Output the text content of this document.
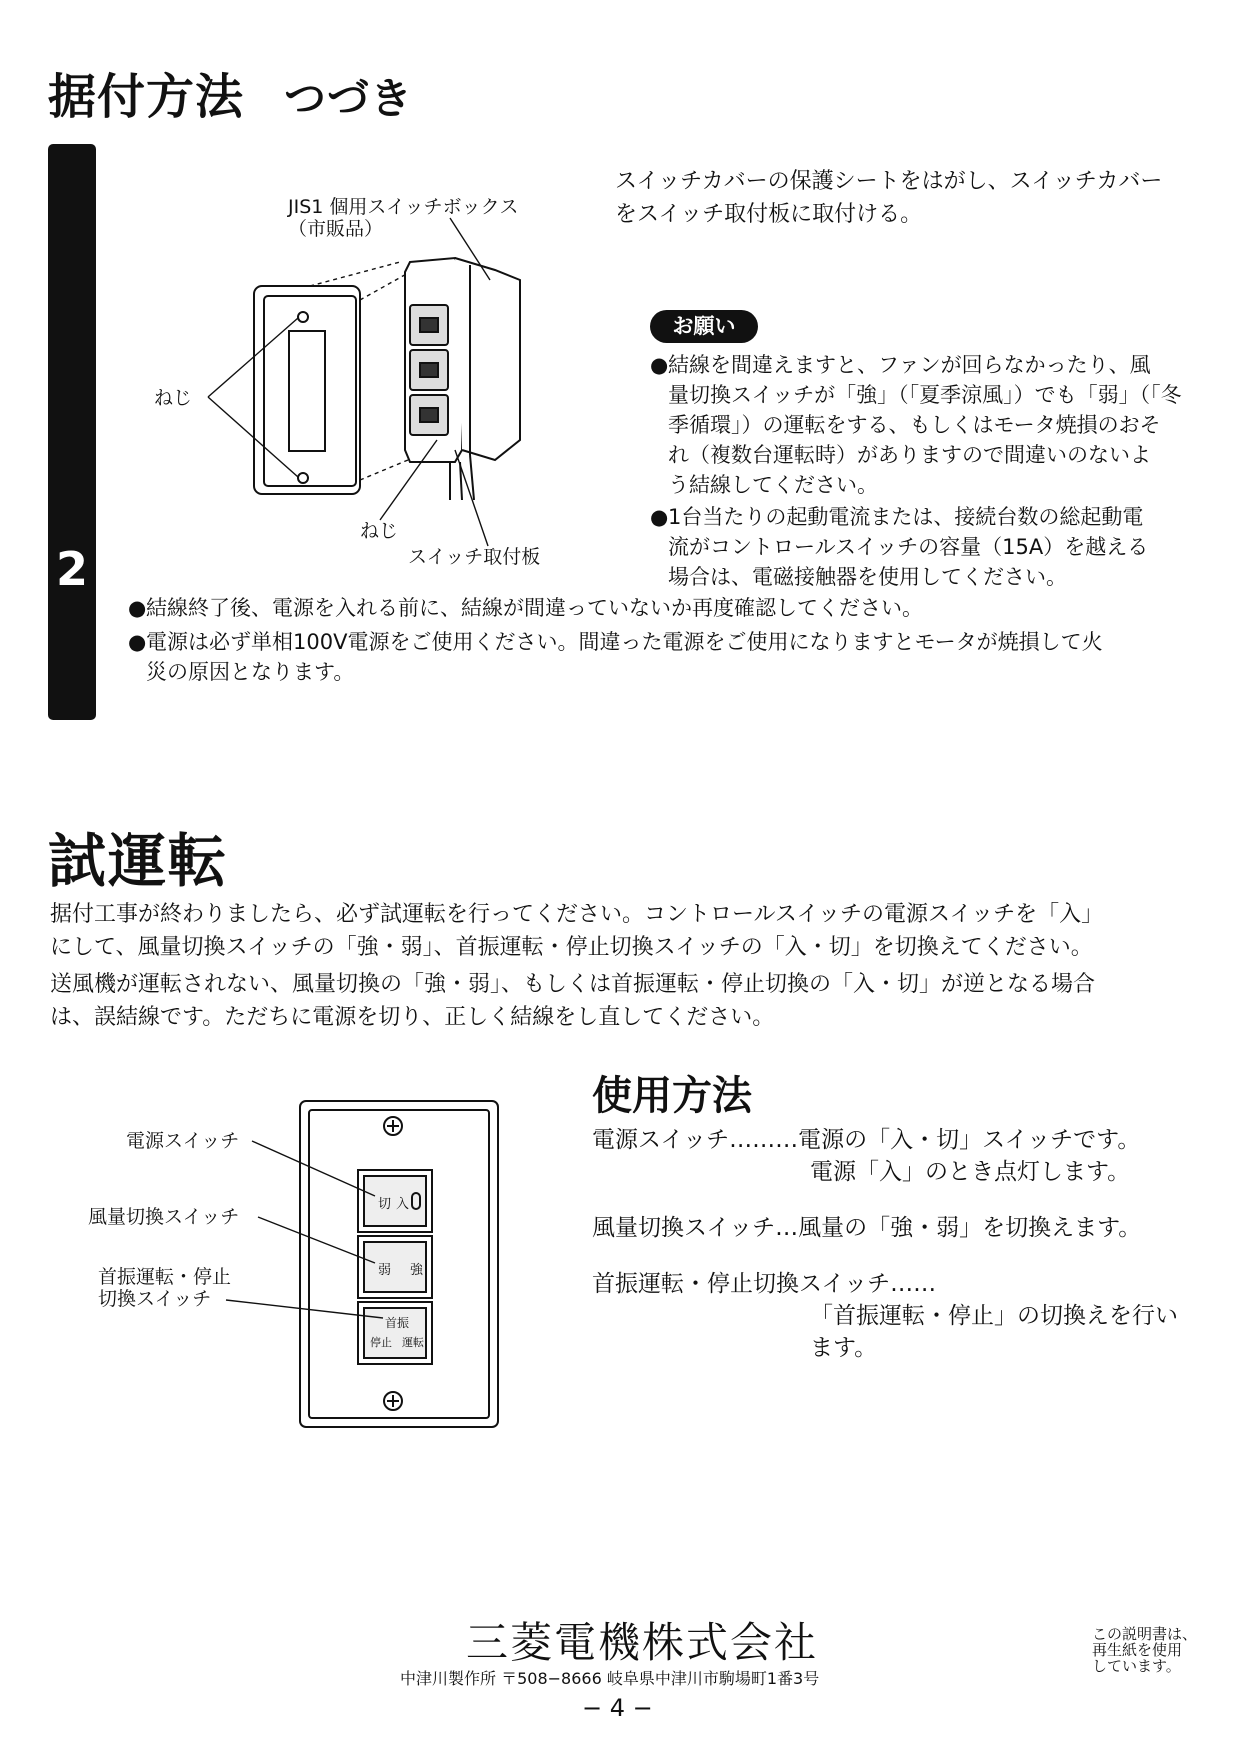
据付方法 つづき
2
JIS1 個用スイッチボックス
（市販品）
ねじ
ねじ
スイッチ取付板
スイッチカバーの保護シートをはがし、スイッチカバー
をスイッチ取付板に取付ける。
お願い
● 結線を間違えますと、ファンが回らなかったり、風
量切換スイッチが「強」（「夏季涼風」）でも「弱」（「冬
季循環」）の運転をする、もしくはモータ焼損のおそ
れ（複数台運転時）がありますので間違いのないよ
う結線してください。
● 1台当たりの起動電流または、接続台数の総起動電
流がコントロールスイッチの容量（15A）を越える
場合は、電磁接触器を使用してください。
● 結線終了後、電源を入れる前に、結線が間違っていないか再度確認してください。
● 電源は必ず単相100V電源をご使用ください。間違った電源をご使用になりますとモータが焼損して火
災の原因となります。
試運転
据付工事が終わりましたら、必ず試運転を行ってください。コントロールスイッチの電源スイッチを「入」
にして、風量切換スイッチの「強・弱」、首振運転・停止切換スイッチの「入・切」を切換えてください。
送風機が運転されない、風量切換の「強・弱」、もしくは首振運転・停止切換の「入・切」が逆となる場合
は、誤結線です。ただちに電源を切り、正しく結線をし直してください。
使用方法
電源スイッチ
風量切換スイッチ
首振運転・停止
切換スイッチ
切 入
弱 強
首振
停止 運転
電源スイッチ………電源の「入・切」スイッチです。
電源「入」のとき点灯します。
風量切換スイッチ…風量の「強・弱」を切換えます。
首振運転・停止切換スイッチ……
「首振運転・停止」の切換えを行い
ます。
三菱電機株式会社
中津川製作所 〒508−8666 岐阜県中津川市駒場町1番3号
− 4 −
この説明書は、
再生紙を使用
しています。
